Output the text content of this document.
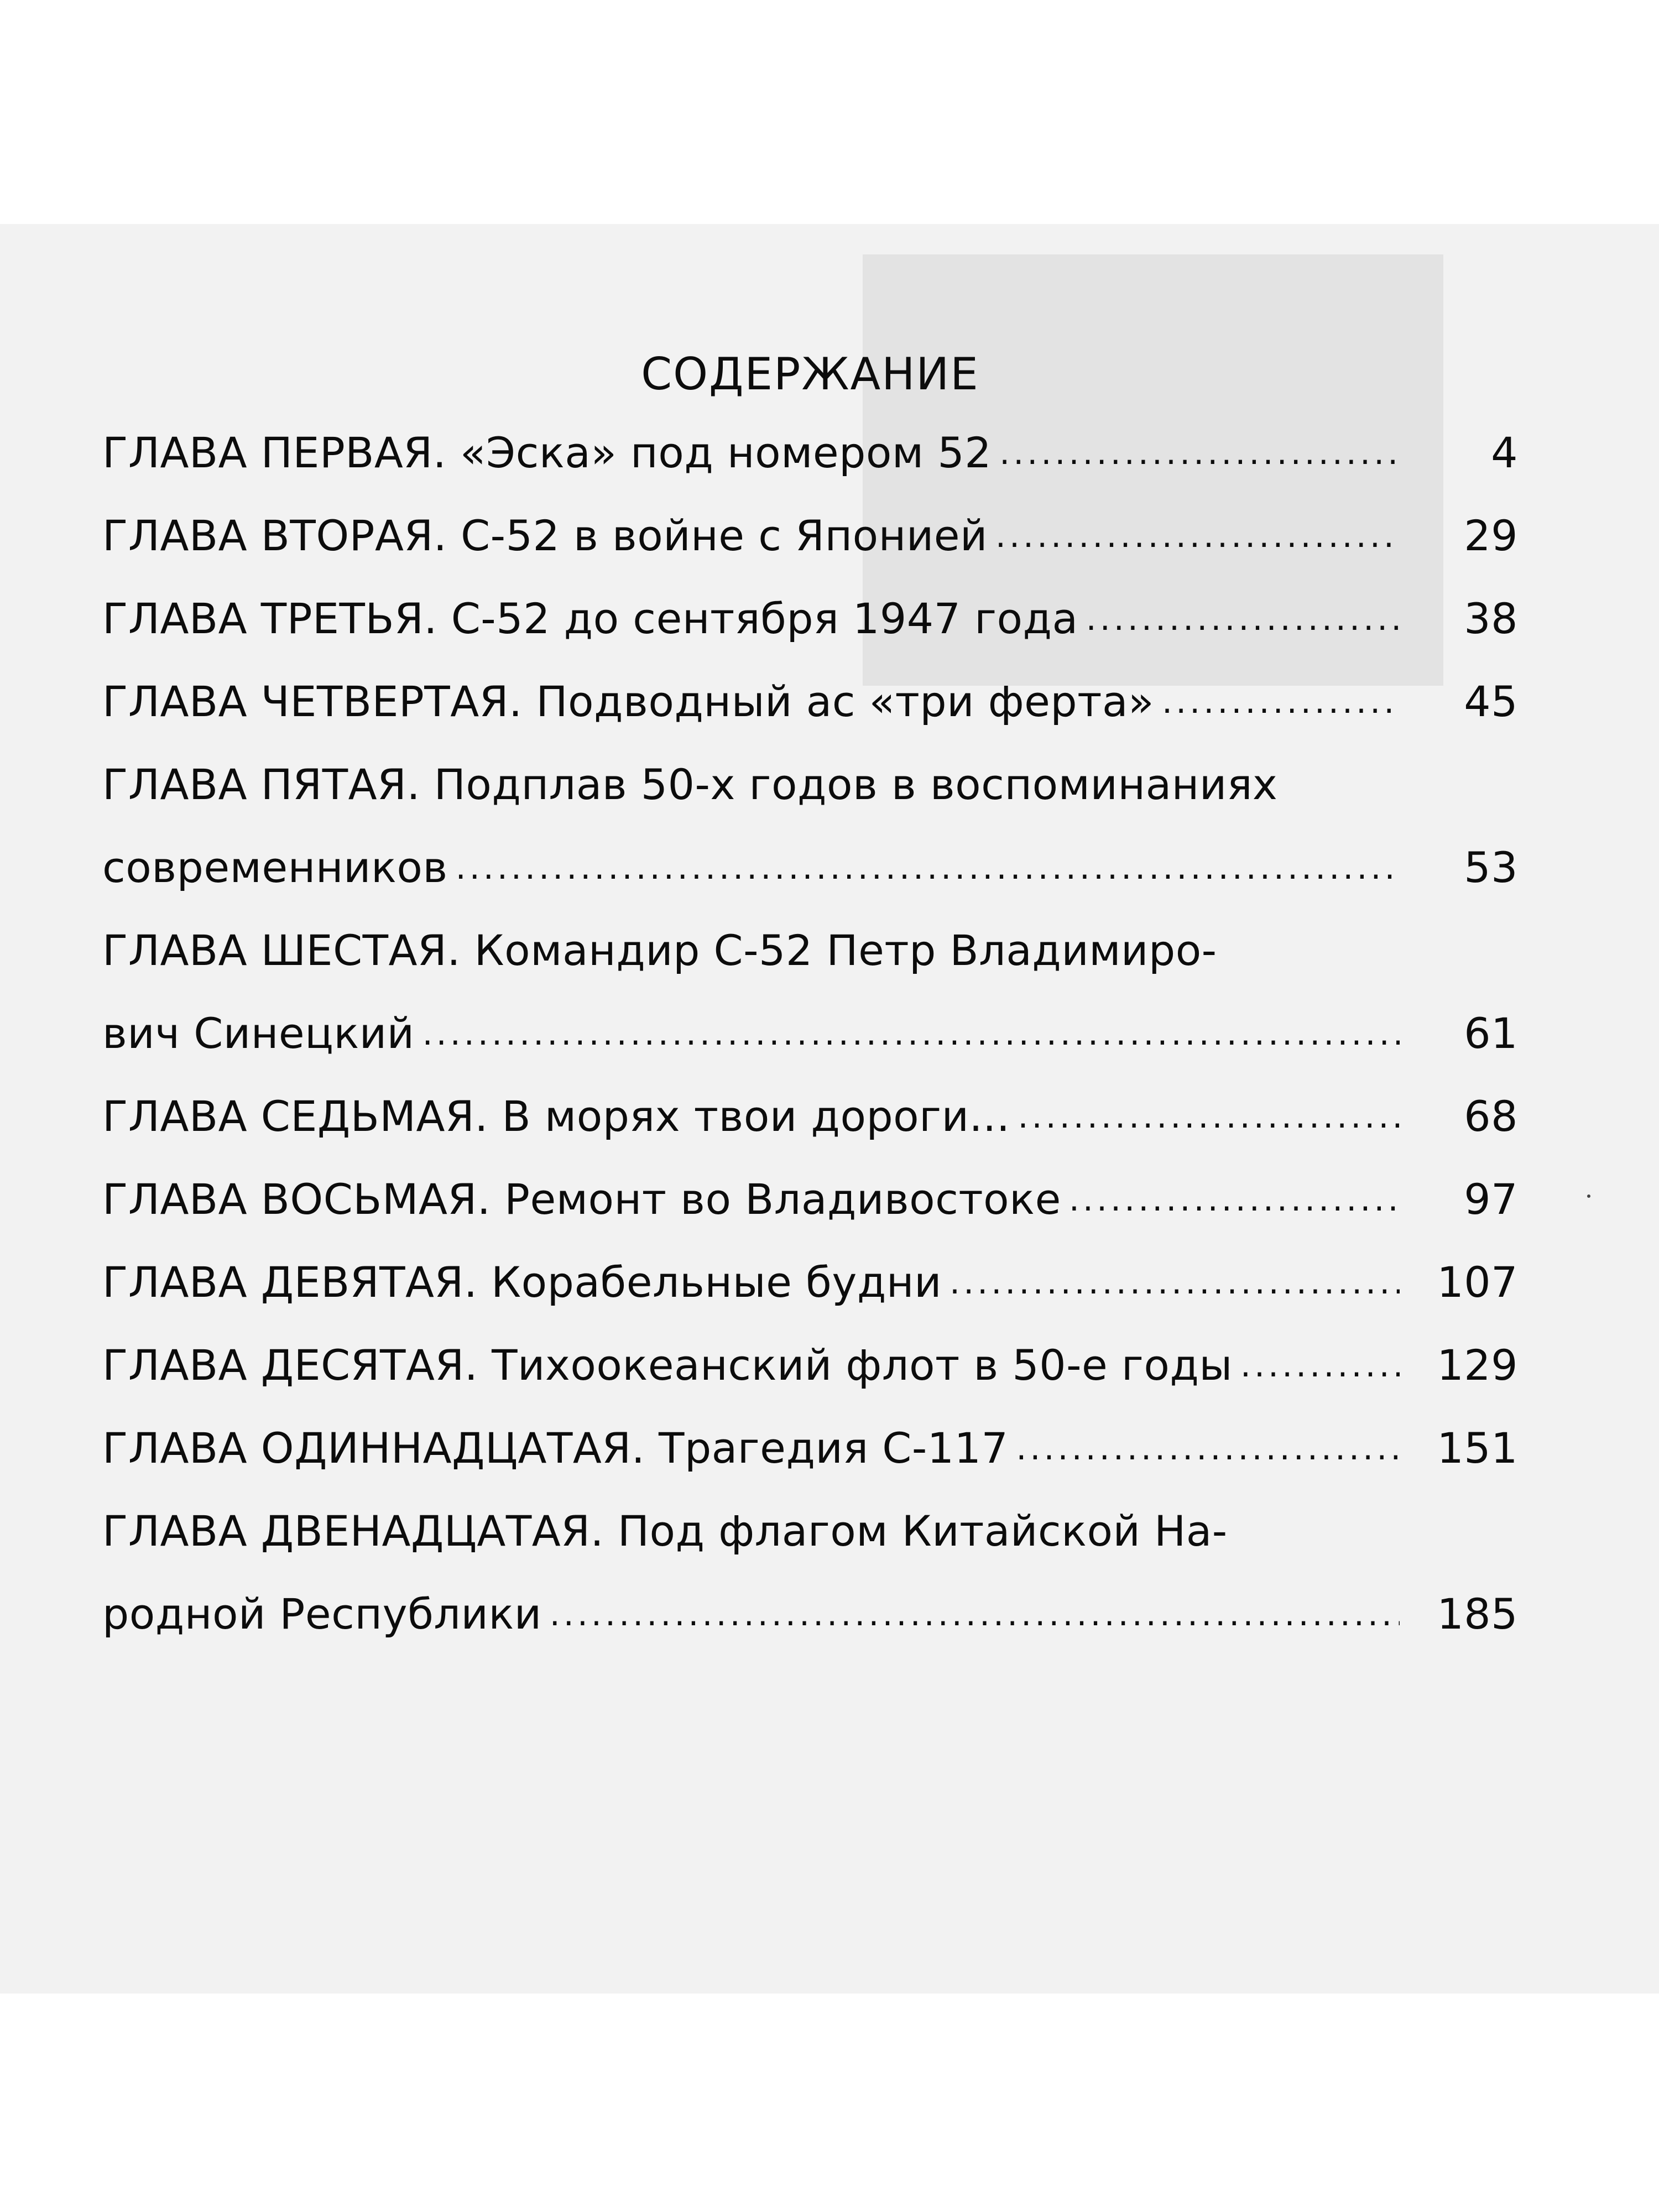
СОДЕРЖАНИЕ
ГЛАВА ПЕРВАЯ. «Эска» под номером 52 .....	4
ГЛАВА ВТОРАЯ. С-52 в войне с Японией .....	29
ГЛАВА ТРЕТЬЯ. С-52 до сентября 1947 года .....	38
ГЛАВА ЧЕТВЕРТАЯ. Подводный ас «три ферта» .....	45
ГЛАВА ПЯТАЯ. Подплав 50-х годов в воспоминаниях
современников .....	53
ГЛАВА ШЕСТАЯ. Командир С-52 Петр Владимиро-
вич Синецкий .....	61
ГЛАВА СЕДЬМАЯ. В морях твои дороги... .....	68
ГЛАВА ВОСЬМАЯ. Ремонт во Владивостоке .....	97
ГЛАВА ДЕВЯТАЯ. Корабельные будни .....	107
ГЛАВА ДЕСЯТАЯ. Тихоокеанский флот в 50-е годы .....	129
ГЛАВА ОДИННАДЦАТАЯ. Трагедия С-117 .....	151
ГЛАВА ДВЕНАДЦАТАЯ. Под флагом Китайской На-
родной Республики .....	185
